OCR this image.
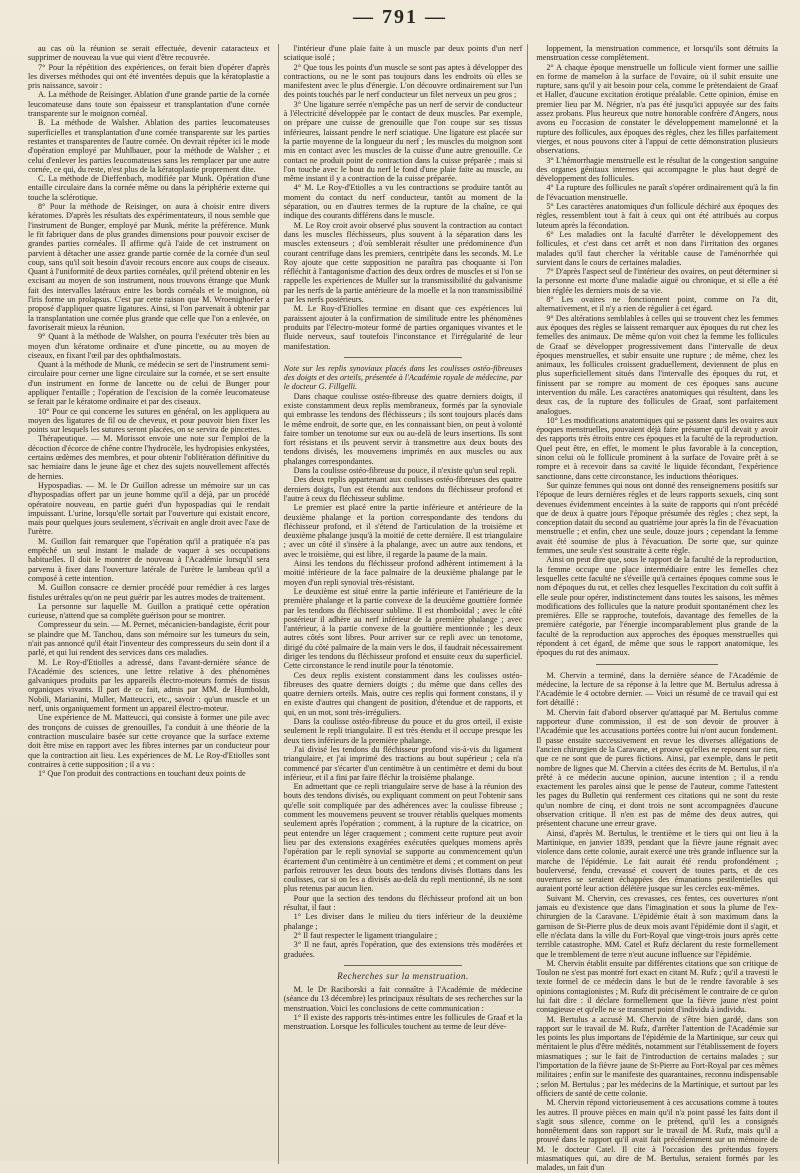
— 791 —

au cas où la réunion se serait effectuée, devenir cataracteux et supprimer de nouveau la vue qui vient d'être recouvrée.

7° Pour la répétition des expériences, on ferait bien d'opérer d'après les diverses méthodes qui ont été inventées depuis que la kératoplastie a pris naissance, savoir :

A. La méthode de Reisinger. Ablation d'une grande partie de la cornée leucomateuse dans toute son épaisseur et transplantation d'une cornée transparente sur le moignon cornéal.

B. La méthode de Walsher. Ablation des parties leucomateuses superficielles et transplantation d'une cornée transparente sur les parties restantes et transparentes de l'autre cornée. On devrait répéter ici le mode d'opération employé par Muhlbauer, pour la méthode de Walsher ; et celui d'enlever les parties leucomateuses sans les remplacer par une autre cornée, ce qui, du reste, n'est plus de la kératoplastie proprement dite.

C. La méthode de Dieffenbach, modifiée par Munk. Opération d'une entaille circulaire dans la cornée même ou dans la périphérie externe qui touche la sclérotique.

8° Pour la méthode de Reisinger, on aura à choisir entre divers kératomes. D'après les résultats des expérimentateurs, il nous semble que l'instrument de Bunger, employé par Munk, mérite la préférence. Munk le fit fabriquer dans de plus grandes dimensions pour pouvoir exciser de grandes parties cornéales. Il affirme qu'à l'aide de cet instrument on parvient à détacher une assez grande partie cornée de la cornée d'un seul coup, sans qu'il soit besoin d'avoir recours encore aux coups de ciseaux. Quant à l'uniformité de deux parties cornéales, qu'il prétend obtenir en les excisant au moyen de son instrument, nous trouvons étrange que Munk fait des intervalles latéraux entre les bords cornéals et le moignon, où l'iris forme un prolapsus. C'est par cette raison que M. Wroenighoefer a proposé d'appliquer quatre ligatures. Ainsi, si l'on parvenait à obtenir par la transplantation une cornée plus grande que celle que l'on a enlevée, on favoriserait mieux la réunion.

9° Quant à la méthode de Walsher, on pourra l'exécuter très bien au moyen d'un kératome ordinaire et d'une pincette, ou au moyen de ciseaux, en fixant l'œil par des ophthalmostats.

Quant à la méthode de Munk, ce médecin se sert de l'instrument semi-circulaire pour cerner une ligne circulaire sur la cornée, et se sert ensuite d'un instrument en forme de lancette ou de celui de Bunger pour appliquer l'entaille ; l'opération de l'excision de la cornée leucomateuse se ferait par le kératome ordinaire et par des ciseaux.

10° Pour ce qui concerne les sutures en général, on les appliquera au moyen des ligatures de fil ou de cheveux, et pour pouvoir bien fixer les points sur lesquels les sutures seront placées, on se servira de pincettes.

Thérapeutique. — M. Morissot envoie une note sur l'emploi de la décoction d'écorce de chêne contre l'hydrocèle, les hydropisies enkystées, certains œdèmes des membres, et pour obtenir l'oblitération définitive du sac herniaire dans le jeune âge et chez des sujets nouvellement affectés de hernies.

Hypospadias. — M. le Dr Guillon adresse un mémoire sur un cas d'hypospadias offert par un jeune homme qu'il a déjà, par un procédé opératoire nouveau, en partie guéri d'un hypospadias qui le rendait impuissant. L'urine, lorsqu'elle sortait par l'ouverture qui existait encore, mais pour quelques jours seulement, s'écrivait en angle droit avec l'axe de l'urètre.

M. Guillon fait remarquer que l'opération qu'il a pratiquée n'a pas empêché un seul instant le malade de vaquer à ses occupations habituelles. Il doit le montrer de nouveau à l'Académie lorsqu'il sera parvenu à fixer dans l'ouverture latérale de l'urètre le lambeau qu'il a composé à cette intention.

M. Guillon consacre ce dernier procédé pour remédier à ces larges fistules urétrales qu'on ne peut guérir par les autres modes de traitement.

La personne sur laquelle M. Guillon a pratiqué cette opération curieuse, n'attend que sa complète guérison pour se montrer.

Compresseur du sein. — M. Pernet, mécanicien-bandagiste, écrit pour se plaindre que M. Tanchou, dans son mémoire sur les tumeurs du sein, n'ait pas annoncé qu'il était l'inventeur des compresseurs du sein dont il a parlé, et qui lui rendent des services dans ces maladies.

M. Le Roy-d'Etiolles a adressé, dans l'avant-dernière séance de l'Académie des sciences, une lettre relative à des phénomènes galvaniques produits par les appareils électro-moteurs formés de tissus organiques vivants. Il part de ce fait, admis par MM. de Humboldt, Nobili, Marianini, Muller, Matteucci, etc., savoir : qu'un muscle et un nerf, unis organiquement forment un appareil électro-moteur.

Une expérience de M. Matteucci, qui consiste à former une pile avec des tronçons de cuisses de grenouilles, l'a conduit à une théorie de la contraction musculaire basée sur cette croyance que la surface externe doit être mise en rapport avec les fibres internes par un conducteur pour que la contraction ait lieu. Les expériences de M. Le Roy-d'Etiolles sont contraires à cette supposition ; il a vu :

1° Que l'on produit des contractions en touchant deux points de

l'intérieur d'une plaie faite à un muscle par deux points d'un nerf sciatique isolé ;

2° Que tous les points d'un muscle se sont pas aptes à développer des contractions, ou ne le sont pas toujours dans les endroits où elles se manifestent avec le plus d'énergie. L'on découvre ordinairement sur l'un des points touchés par le nerf conducteur un filet nerveux un peu gros ;

3° Une ligature serrée n'empêche pas un nerf de servir de conducteur à l'électricité développée par le contact de deux muscles. Par exemple, on prépare une cuisse de grenouille que l'on coupe sur ses tissus inférieures, laissant pendre le nerf sciatique. Une ligature est placée sur la partie moyenne de la longueur du nerf ; les muscles du moignon sont mis en contact avec les muscles de la cuisse d'une autre grenouille. Ce contact ne produit point de contraction dans la cuisse préparée ; mais si l'on touche avec le bout du nerf le fond d'une plaie faite au muscle, au même instant il y a contraction de la cuisse préparée.

4° M. Le Roy-d'Etiolles a vu les contractions se produire tantôt au moment du contact du nerf conducteur, tantôt au moment de la séparation, ou en d'autres termes de la rupture de la chaîne, ce qui indique des courants différens dans le muscle.

M. Le Roy croit avoir observé plus souvent la contraction au contact dans les muscles fléchisseurs, plus souvent à la séparation dans les muscles extenseurs ; d'où semblerait résulter une prédominence d'un courant centrifuge dans les premiers, centripète dans les seconds. M. Le Roy ajoute que cette supposition ne paraîtra pas choquante si l'on réfléchit à l'antagonisme d'action des deux ordres de muscles et si l'on se rappelle les expériences de Muller sur la transmissibilité du galvanisme par les nerfs de la partie antérieure de la moelle et la non transmissibilité par les nerfs postérieurs.

M. Le Roy-d'Etiolles termine en disant que ces expériences lui paraissent ajouter à la confirmation de similitude entre les phénomènes produits par l'électro-moteur formé de parties organiques vivantes et le fluide nerveux, sauf toutefois l'inconstance et l'irrégularité de leur manifestation.

Note sur les replis synoviaux placés dans les coulisses ostéo-fibreuses des doigts et des orteils, présentée à l'Académie royale de médecine, par le docteur G. Fillgelli.

Dans chaque coulisse ostéo-fibreuse des quatre derniers doigts, il existe constamment deux replis membraneux, formés par la synoviale qui embrasse les tendons des fléchisseurs ; ils sont toujours placés dans le même endroit, de sorte que, en les connaissant bien, on peut à volonté faire tomber un tenotome sur eux ou au-delà de leurs insertions. Ils sont fort résistans et ils peuvent servir à transmettre aux deux bouts des tendons divisés, les mouvemens imprimés en aux muscles ou aux phalanges correspondantes.

Dans la coulisse ostéo-fibreuse du pouce, il n'existe qu'un seul repli.

Des deux replis appartenant aux coulisses ostéo-fibreuses des quatre derniers doigts, l'un est étendu aux tendons du fléchisseur profond et l'autre à ceux du fléchisseur sublime.

Le premier est placé entre la partie inférieure et antérieure de la deuxième phalange et la portion correspondante des tendons du fléchisseur profond, et il s'étend de l'articulation de la troisième et deuxième phalange jusqu'à la moitié de cette dernière. Il est triangulaire ; avec un côté il s'insère à la phalange, avec un autre aux tendons, et avec le troisième, qui est libre, il regarde la paume de la main.

Ainsi les tendons du fléchisseur profond adhèrent intimement à la moitié inférieure de la face palmaire de la deuxième phalange par le moyen d'un repli synovial très-résistant.

Le deuxième est situé entre la partie inférieure et l'antérieure de la première phalange et la partie convexe de la deuxième gouttière formée par les tendons du fléchisseur sublime. Il est rhomboïdal ; avec le côté postérieur il adhère au nerf inférieur de la première phalange ; avec l'antérieur, à la partie convexe de la gouttière mentionnée ; les deux autres côtés sont libres. Pour arriver sur ce repli avec un tenotome, dirigé du côté palmaire de la main vers le dos, il faudrait nécessairement diriger les tendons du fléchisseur profond et ensuite ceux du superficiel. Cette circonstance le rend inutile pour la ténotomie.

Ces deux replis existent constamment dans les coulisses ostéo-fibreuses des quatre derniers doigts ; du même que dans celles des quatre derniers orteils. Mais, outre ces replis qui forment constans, il y en existe d'autres qui changent de position, d'étendue et de rapports, et qui, en un mot, sont très-irréguliers.

Dans la coulisse ostéo-fibreuse du pouce et du gros orteil, il existe seulement le repli triangulaire. Il est très étendu et il occupe presque les deux tiers inférieurs de la première phalange.

J'ai divisé les tendons du fléchisseur profond vis-à-vis du ligament triangulaire, et j'ai imprimé des tractions au bout supérieur ; cela n'a commencé par s'écarter d'un centimètre à un centimètre et demi du bout inférieur, et il a fini par faire fléchir la troisième phalange.

En admettant que ce repli triangulaire serve de base à la réunion des bouts des tendons divisés, ou expliquant comment on peut l'obtenir sans qu'elle soit compliquée par des adhérences avec la coulisse fibreuse ; comment les mouvemens peuvent se trouver rétablis quelques moments seulement après l'opération ; comment, à la rupture de la cicatrice, on peut entendre un léger craquement ; comment cette rupture peut avoir lieu par des extensions exagérées exécutées quelques momens après l'opération par le repli synovial se supporte au commencement qu'un écartement d'un centimètre à un centimètre et demi ; et comment on peut parfois retrouver les deux bouts des tendons divisés flottans dans les coulisses, car si on les a divisés au-delà du repli mentionné, ils ne sont plus retenus par aucun lien.

Pour que la section des tendons du fléchisseur profond ait un bon résultat, il faut :

1° Les diviser dans le milieu du tiers inférieur de la deuxième phalange ;

2° Il faut respecter le ligament triangulaire ;

3° Il ne faut, après l'opération, que des extensions très modérées et graduées.

Recherches sur la menstruation.

M. le Dr Raciborski a fait connaître à l'Académie de médecine (séance du 13 décembre) les principaux résultats de ses recherches sur la menstruation. Voici les conclusions de cette communication :

1° Il existe des rapports très-intimes entre les follicules de Graaf et la menstruation. Lorsque les follicules touchent au terme de leur déve-

loppement, la menstruation commence, et lorsqu'ils sont détruits la menstruation cesse complètement.

2° A chaque époque menstruelle un follicule vient former une saillie en forme de mamelon à la surface de l'ovaire, où il subit ensuite une rupture, sans qu'il y ait besoin pour cela, comme le prétendaient de Graaf et Haller, d'aucune excitation érotique préalable. Cette opinion, émise en premier lieu par M. Négrier, n'a pas été jusqu'ici appuyée sur des faits assez probans. Plus heureux que notre honorable confrère d'Angers, nous avons eu l'occasion de constater le développement mamelonné et la rupture des follicules, aux époques des règles, chez les filles parfaitement vierges, et nous pouvons citer à l'appui de cette démonstration plusieurs observations.

3° L'hémorrhagie menstruelle est le résultat de la congestion sanguine des organes génitaux internes qui accompagne le plus haut degré de développement des follicules.

4° La rupture des follicules ne paraît s'opérer ordinairement qu'à la fin de l'évacuation menstruelle.

5° Les caractères anatomiques d'un follicule déchiré aux époques des règles, ressemblent tout à fait à ceux qui ont été attribués au corpus luteum après la fécondation.

6° Les maladies ont la faculté d'arrêter le développement des follicules, et c'est dans cet arrêt et non dans l'irritation des organes malades qu'il faut chercher la véritable cause de l'aménorrhée qui survient dans le cours de certaines maladies.

7° D'après l'aspect seul de l'intérieur des ovaires, on peut déterminer si la personne est morte d'une maladie aiguë ou chronique, et si elle a été bien réglée les derniers mois de sa vie.

8° Les ovaires ne fonctionnent point, comme on l'a dit, alternativement, et il n'y a rien de régulier à cet égard.

9° Des altérations semblables à celles qui se trouvent chez les femmes aux époques des règles se laissent remarquer aux époques du rut chez les femelles des animaux. De même qu'on voit chez la femme les follicules de Graaf se développer progressivement dans l'intervalle de deux époques menstruelles, et subir ensuite une rupture ; de même, chez les animaux, les follicules croissent graduellement, deviennent de plus en plus superficiellement situés dans l'intervalle des époques du rut, et finissent par se rompre au moment de ces époques sans aucune intervention du mâle. Les caractères anatomiques qui résultent, dans les deux cas, de la rupture des follicules de Graaf, sont parfaitement analogues.

10° Les modifications anatomiques qui se passent dans les ovaires aux époques menstruelles, pouvaient déjà faire présumer qu'il devait y avoir des rapports très étroits entre ces époques et la faculté de la reproduction. Quel peut être, en effet, le moment le plus favorable à la conception, sinon celui où le follicule prominent à la surface de l'ovaire prêt à se rompre et à recevoir dans sa cavité le liquide fécondant, l'expérience sanctionne, dans cette circonstance, les inductions théoriques.

Sur quinze femmes qui nous ont donné des renseignemens positifs sur l'époque de leurs dernières règles et de leurs rapports sexuels, cinq sont devenues évidemment enceintes à la suite de rapports qui n'ont précédé que de deux à quatre jours l'époque présumée des règles ; chez sept, la conception datait du second au quatrième jour après la fin de l'évacuation menstruelle ; et enfin, chez une seule, douze jours ; cependant la femme avait été soumise de plus à l'évacuation. De sorte que, sur quinze femmes, une seule s'est soustraite à cette règle.

Ainsi on peut dire que, sous le rapport de la faculté de la reproduction, la femme occupe une place intermédiaire entre les femelles chez lesquelles cette faculté ne s'éveille qu'à certaines époques comme sous le nom d'époques du rut, et celles chez lesquelles l'excitation du coït suffit à elle seule pour opérer, indistinctement dans toutes les saisons, les mêmes modifications des follicules que la nature produit spontanément chez les premières. Elle se rapproche, toutefois, davantage des femelles de la première catégorie, par l'énergie incomparablement plus grande de la faculté de la reproduction aux approches des époques menstruelles qui répondent à cet égard, de même que sous le rapport anatomique, les époques du rut des animaux.

M. Chervin a terminé, dans la dernière séance de l'Académie de médecine, la lecture de sa réponse à la lettre que M. Bertulus adressa à l'Académie le 4 octobre dernier. — Voici un résumé de ce travail qui est fort détaillé :

M. Chervin fait d'abord observer qu'attaqué par M. Bertulus comme rapporteur d'une commission, il est de son devoir de prouver à l'Académie que les accusations portées contre lui n'ont aucun fondement. Il passe ensuite successivement en revue les diverses allégations de l'ancien chirurgien de la Caravane, et prouve qu'elles ne reposent sur rien, que ce ne sont que de pures fictions. Ainsi, par exemple, dans le petit nombre de lignes que M. Chervin a citées des écrits de M. Bertulus, il n'a prêté à ce médecin aucune opinion, aucune intention ; il a rendu exactement les paroles ainsi que le pense de l'auteur, comme l'attestent les pages du Bulletin qui renferment ces citations qui ne sont du reste qu'un nombre de cinq, et dont trois ne sont accompagnées d'aucune observation critique. Il n'en est pas de même des deux autres, qui présentent chacune une erreur grave.

Ainsi, d'après M. Bertulus, le trentième et le tiers qui ont lieu à la Martinique, en janvier 1839, pendant que la fièvre jaune régnait avec violence dans cette colonie, aurait exercé une très grande influence sur la marche de l'épidémie. Le fait aurait été rendu profondément ; boulerversé, fendu, crevassé et couvert de toutes parts, et de ces ouvertures se seraient échappées des émanations pestilentielles qui auraient porté leur action délétère jusque sur les cercles eux-mêmes.

Suivant M. Chervin, ces crevasses, ces fentes, ces ouvertures n'ont jamais eu d'existence que dans l'imagination et sous la plume de l'ex-chirurgien de la Caravane. L'épidémie était à son maximum dans la garnison de St-Pierre plus de deux mois avant l'épidémie dont il s'agit, et elle n'éclata dans la ville du Fort-Royal que vingt-trois jours après cette terrible catastrophe. MM. Catel et Rufz déclarent du reste formellement que le tremblement de terre n'eut aucune influence sur l'épidémie.

M. Chervin établit ensuite par différentes citations que son critique de Toulon ne s'est pas montré fort exact en citant M. Rufz ; qu'il a travesti le texte formel de ce médecin dans le but de le rendre favorable à ses opinions contagionistes ; M. Rufz dit précisément le contraire de ce qu'on lui fait dire : il déclare formellement que la fièvre jaune n'est point contagieuse et qu'elle ne se transmet point d'individu à individu.

M. Bertulus a accusé M. Chervin de s'être bien gardé, dans son rapport sur le travail de M. Rufz, d'arrêter l'attention de l'Académie sur les points les plus importans de l'épidémie de la Martinique, sur ceux qui méritaient le plus d'être médités, notamment sur l'établissement de foyers miasmatiques ; sur le fait de l'introduction de certains malades ; sur l'importation de la fièvre jaune de St-Pierre au Fort-Royal par ces mêmes militaires ; enfin sur le manifeste des quarantaines, reconnu indispensable ; selon M. Bertulus ; par les médecins de la Martinique, et surtout par les officiers de santé de cette colonie.

M. Chervin répond victorieusement à ces accusations comme à toutes les autres. Il prouve pièces en main qu'il n'a point passé les faits dont il s'agit sous silence, comme on le prétend, qu'il les a consignés honnêtement dans son rapport sur le travail de M. Rufz, mais qu'il a prouvé dans le rapport qu'il avait fait précédemment sur un mémoire de M. le docteur Catel. Il cite à l'occasion des prétendus foyers miasmatiques qui, au dire de M. Bertulus, seraient formés par les malades, un fait d'un
